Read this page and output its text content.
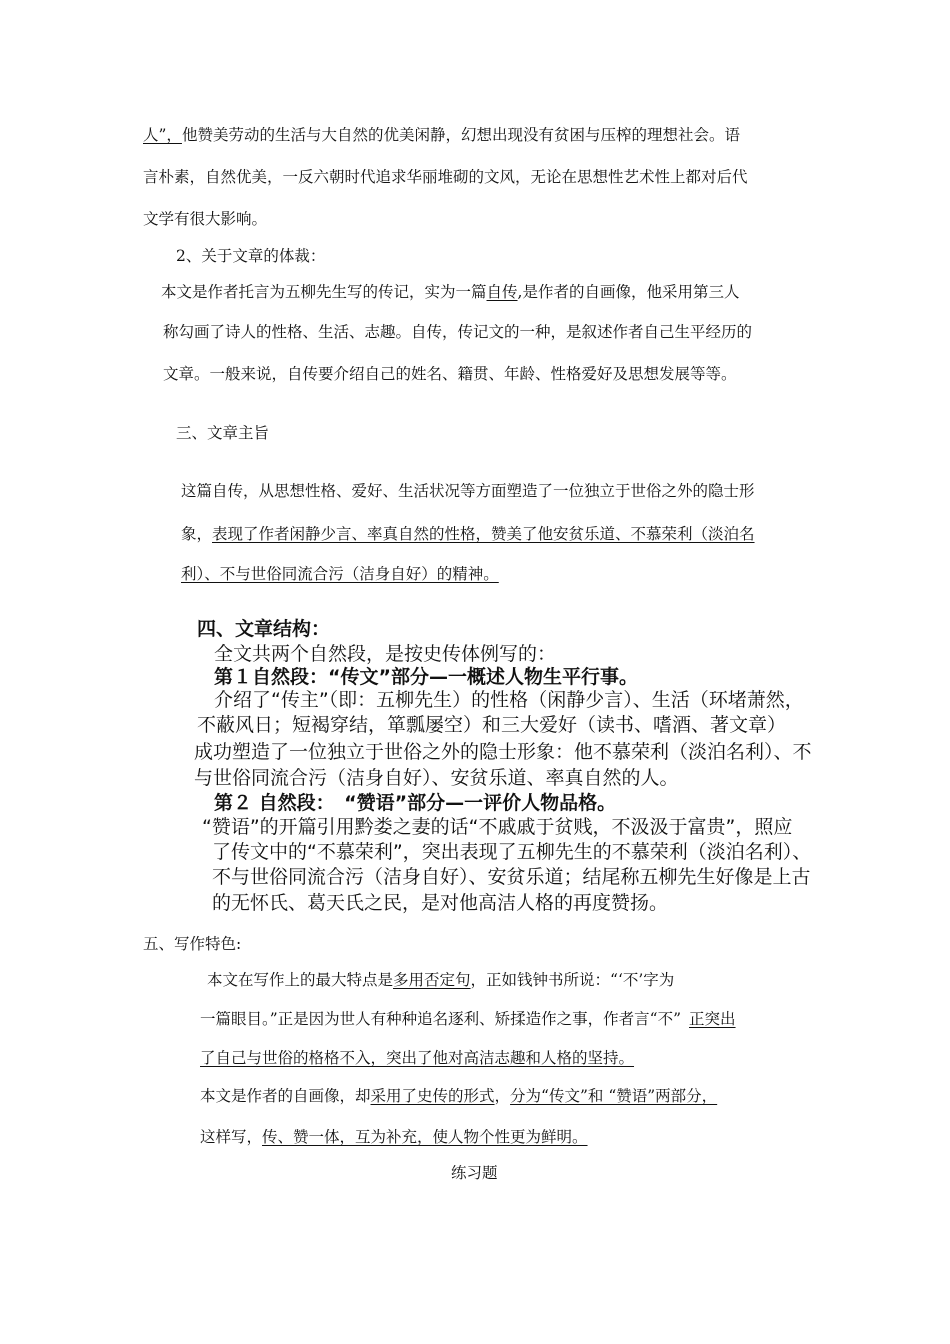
人”，他赞美劳动的生活与大自然的优美闲静，幻想出现没有贫困与压榨的理想社会。语
言朴素，自然优美，一反六朝时代追求华丽堆砌的文风，无论在思想性艺术性上都对后代
文学有很大影响。
2、关于文章的体裁：
本文是作者托言为五柳先生写的传记，实为一篇自传,是作者的自画像，他采用第三人
称勾画了诗人的性格、生活、志趣。自传，传记文的一种，是叙述作者自己生平经历的
文章。一般来说，自传要介绍自己的姓名、籍贯、年龄、性格爱好及思想发展等等。
三、文章主旨
这篇自传，从思想性格、爱好、生活状况等方面塑造了一位独立于世俗之外的隐士形
象，表现了作者闲静少言、率真自然的性格，赞美了他安贫乐道、不慕荣利（淡泊名
利）、不与世俗同流合污（洁身自好）的精神。
四、文章结构：
全文共两个自然段，是按史传体例写的：
第１自然段：“传文”部分—一概述人物生平行事。
介绍了“传主”（即：五柳先生）的性格（闲静少言）、生活（环堵萧然，
不蔽风日；短褐穿结，箪瓢屡空）和三大爱好（读书、嗜酒、著文章）
成功塑造了一位独立于世俗之外的隐士形象：他不慕荣利（淡泊名利）、不
与世俗同流合污（洁身自好）、安贫乐道、率真自然的人。
第２ 自然段：　“赞语”部分—一评价人物品格。
“赞语”的开篇引用黔娄之妻的话“不戚戚于贫贱，不汲汲于富贵”，照应
了传文中的“不慕荣利”，突出表现了五柳先生的不慕荣利（淡泊名利）、
不与世俗同流合污（洁身自好）、安贫乐道；结尾称五柳先生好像是上古
的无怀氏、葛天氏之民，是对他高洁人格的再度赞扬。
五、写作特色:
本文在写作上的最大特点是多用否定句，正如钱钟书所说：“‘不’字为
一篇眼目。”正是因为世人有种种追名逐利、矫揉造作之事，作者言“不” 正突出
了自己与世俗的格格不入，突出了他对高洁志趣和人格的坚持。
本文是作者的自画像，却采用了史传的形式，分为“传文”和 “赞语”两部分，
这样写，传、赞一体，互为补充，使人物个性更为鲜明。
练习题
